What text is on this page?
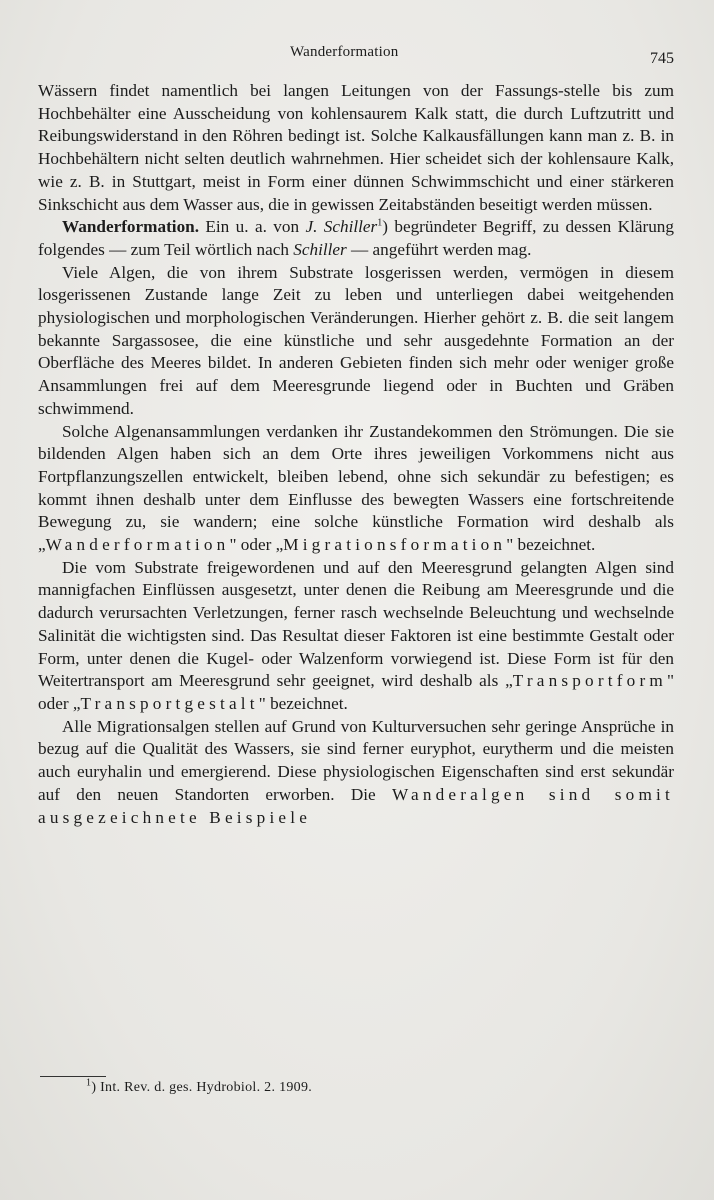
Wanderformation	745

Wässern findet namentlich bei langen Leitungen von der Fassungs-stelle bis zum Hochbehälter eine Ausscheidung von kohlensaurem Kalk statt, die durch Luftzutritt und Reibungswiderstand in den Röhren bedingt ist. Solche Kalkausfällungen kann man z. B. in Hochbehältern nicht selten deutlich wahrnehmen. Hier scheidet sich der kohlensaure Kalk, wie z. B. in Stuttgart, meist in Form einer dünnen Schwimmschicht und einer stärkeren Sinkschicht aus dem Wasser aus, die in gewissen Zeitabständen beseitigt werden müssen.

Wanderformation. Ein u. a. von J. Schiller$^1$) begründeter Begriff, zu dessen Klärung folgendes — zum Teil wörtlich nach Schiller — angeführt werden mag.

Viele Algen, die von ihrem Substrate losgerissen werden, vermögen in diesem losgerissenen Zustande lange Zeit zu leben und unterliegen dabei weitgehenden physiologischen und morphologischen Veränderungen. Hierher gehört z. B. die seit langem bekannte Sargassosee, die eine künstliche und sehr ausgedehnte Formation an der Oberfläche des Meeres bildet. In anderen Gebieten finden sich mehr oder weniger große Ansammlungen frei auf dem Meeresgrunde liegend oder in Buchten und Gräben schwimmend.

Solche Algenansammlungen verdanken ihr Zustandekommen den Strömungen. Die sie bildenden Algen haben sich an dem Orte ihres jeweiligen Vorkommens nicht aus Fortpflanzungszellen entwickelt, bleiben lebend, ohne sich sekundär zu befestigen; es kommt ihnen deshalb unter dem Einflusse des bewegten Wassers eine fortschreitende Bewegung zu, sie wandern; eine solche künstliche Formation wird deshalb als „Wanderformation" oder „Migrationsformation" bezeichnet.

Die vom Substrate freigewordenen und auf den Meeresgrund gelangten Algen sind mannigfachen Einflüssen ausgesetzt, unter denen die Reibung am Meeresgrunde und die dadurch verursachten Verletzungen, ferner rasch wechselnde Beleuchtung und wechselnde Salinität die wichtigsten sind. Das Resultat dieser Faktoren ist eine bestimmte Gestalt oder Form, unter denen die Kugel- oder Walzenform vorwiegend ist. Diese Form ist für den Weitertransport am Meeresgrund sehr geeignet, wird deshalb als „Transportform" oder „Transportgestalt" bezeichnet.

Alle Migrationsalgen stellen auf Grund von Kulturversuchen sehr geringe Ansprüche in bezug auf die Qualität des Wassers, sie sind ferner euryphot, eurytherm und die meisten auch euryhalin und emergierend. Diese physiologischen Eigenschaften sind erst sekundär auf den neuen Standorten erworben. Die Wanderalgen sind somit ausgezeichnete Beispiele

$^1$) Int. Rev. d. ges. Hydrobiol. 2. 1909.
